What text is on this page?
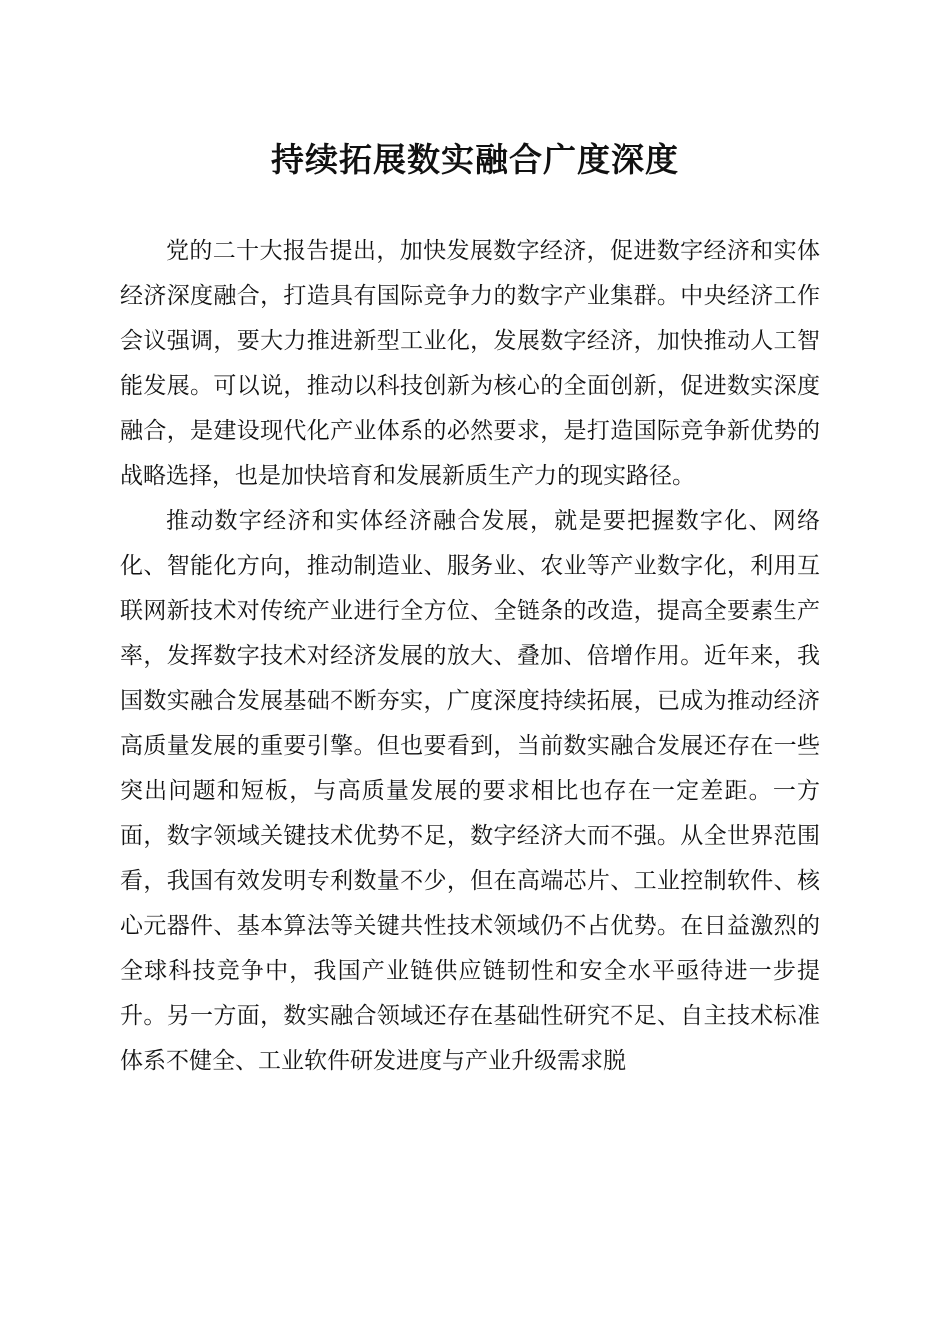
持续拓展数实融合广度深度

党的二十大报告提出，加快发展数字经济，促进数字经济和实体经济深度融合，打造具有国际竞争力的数字产业集群。中央经济工作会议强调，要大力推进新型工业化，发展数字经济，加快推动人工智能发展。可以说，推动以科技创新为核心的全面创新，促进数实深度融合，是建设现代化产业体系的必然要求，是打造国际竞争新优势的战略选择，也是加快培育和发展新质生产力的现实路径。

推动数字经济和实体经济融合发展，就是要把握数字化、网络化、智能化方向，推动制造业、服务业、农业等产业数字化，利用互联网新技术对传统产业进行全方位、全链条的改造，提高全要素生产率，发挥数字技术对经济发展的放大、叠加、倍增作用。近年来，我国数实融合发展基础不断夯实，广度深度持续拓展，已成为推动经济高质量发展的重要引擎。但也要看到，当前数实融合发展还存在一些突出问题和短板，与高质量发展的要求相比也存在一定差距。一方面，数字领域关键技术优势不足，数字经济大而不强。从全世界范围看，我国有效发明专利数量不少，但在高端芯片、工业控制软件、核心元器件、基本算法等关键共性技术领域仍不占优势。在日益激烈的全球科技竞争中，我国产业链供应链韧性和安全水平亟待进一步提升。另一方面，数实融合领域还存在基础性研究不足、自主技术标准体系不健全、工业软件研发进度与产业升级需求脱
